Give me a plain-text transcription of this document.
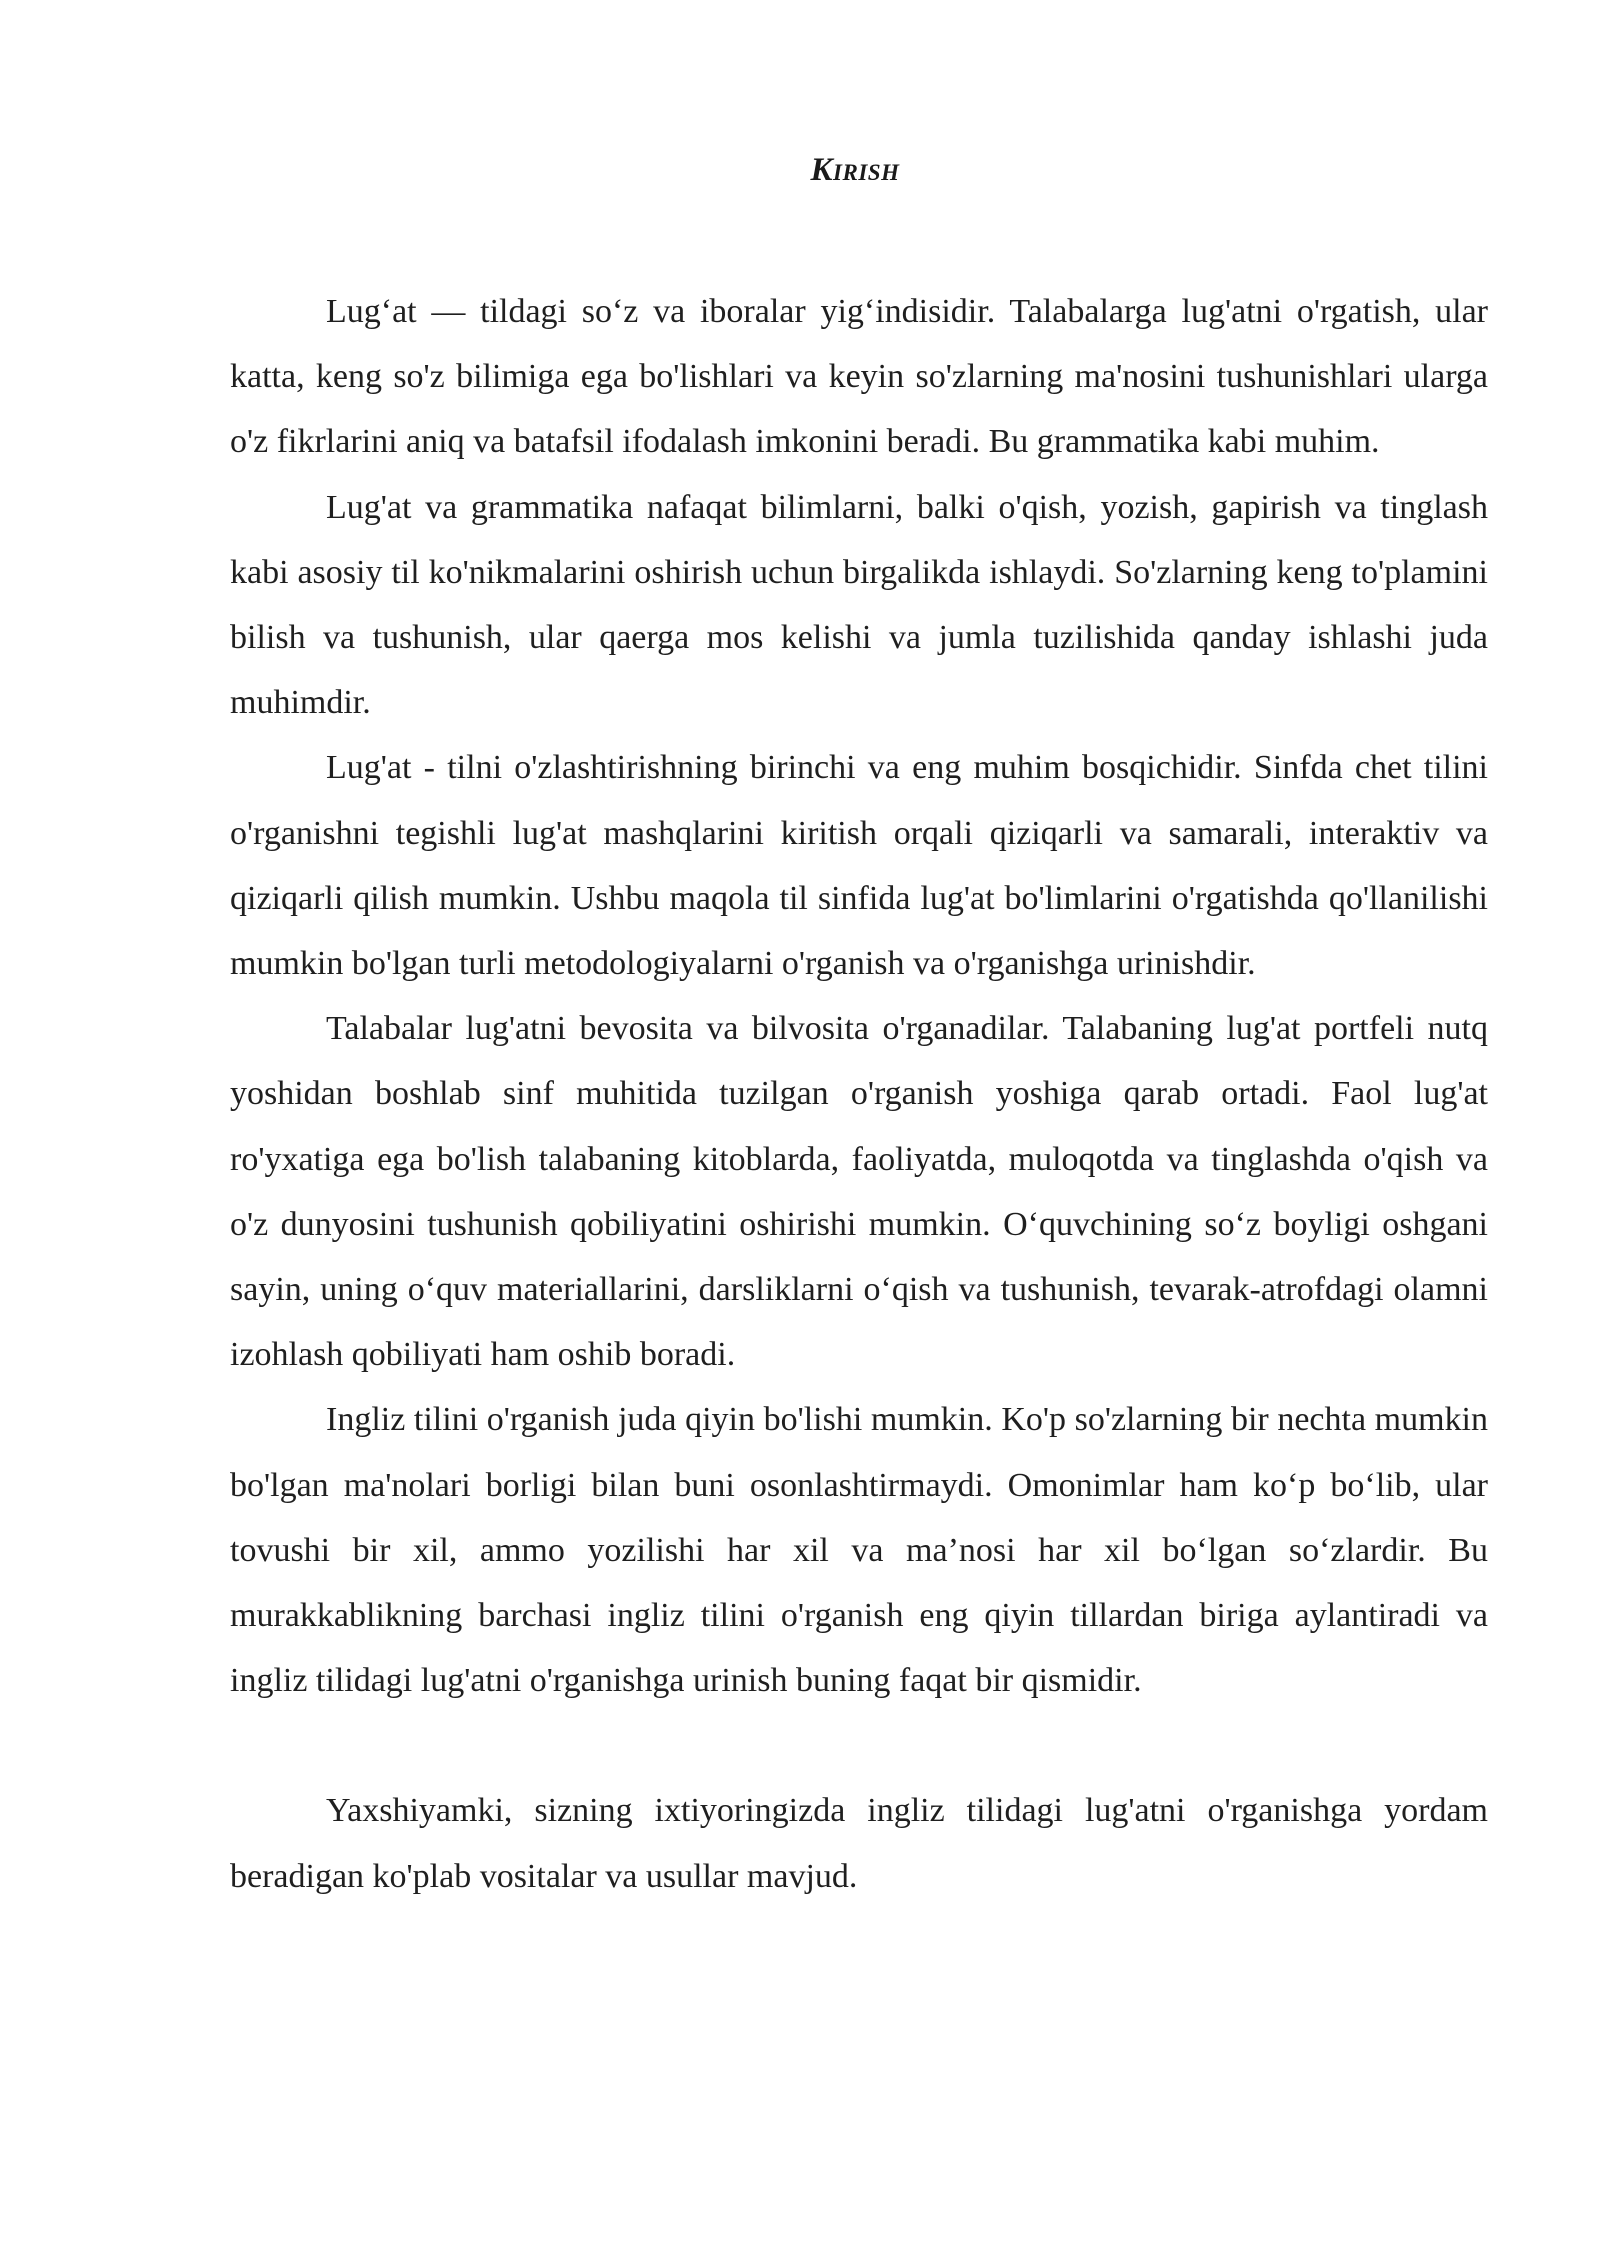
Kirish

Lug‘at — tildagi so‘z va iboralar yig‘indisidir. Talabalarga lug'atni o'rgatish, ular katta, keng so'z bilimiga ega bo'lishlari va keyin so'zlarning ma'nosini tushunishlari ularga o'z fikrlarini aniq va batafsil ifodalash imkonini beradi. Bu grammatika kabi muhim.

Lug'at va grammatika nafaqat bilimlarni, balki o'qish, yozish, gapirish va tinglash kabi asosiy til ko'nikmalarini oshirish uchun birgalikda ishlaydi. So'zlarning keng to'plamini bilish va tushunish, ular qaerga mos kelishi va jumla tuzilishida qanday ishlashi juda muhimdir.

Lug'at - tilni o'zlashtirishning birinchi va eng muhim bosqichidir. Sinfda chet tilini o'rganishni tegishli lug'at mashqlarini kiritish orqali qiziqarli va samarali, interaktiv va qiziqarli qilish mumkin. Ushbu maqola til sinfida lug'at bo'limlarini o'rgatishda qo'llanilishi mumkin bo'lgan turli metodologiyalarni o'rganish va o'rganishga urinishdir.

Talabalar lug'atni bevosita va bilvosita o'rganadilar. Talabaning lug'at portfeli nutq yoshidan boshlab sinf muhitida tuzilgan o'rganish yoshiga qarab ortadi. Faol lug'at ro'yxatiga ega bo'lish talabaning kitoblarda, faoliyatda, muloqotda va tinglashda o'qish va o'z dunyosini tushunish qobiliyatini oshirishi mumkin. O‘quvchining so‘z boyligi oshgani sayin, uning o‘quv materiallarini, darsliklarni o‘qish va tushunish, tevarak-atrofdagi olamni izohlash qobiliyati ham oshib boradi.

Ingliz tilini o'rganish juda qiyin bo'lishi mumkin. Ko'p so'zlarning bir nechta mumkin bo'lgan ma'nolari borligi bilan buni osonlashtirmaydi. Omonimlar ham ko‘p bo‘lib, ular tovushi bir xil, ammo yozilishi har xil va ma’nosi har xil bo‘lgan so‘zlardir. Bu murakkablikning barchasi ingliz tilini o'rganish eng qiyin tillardan biriga aylantiradi va ingliz tilidagi lug'atni o'rganishga urinish buning faqat bir qismidir.

Yaxshiyamki, sizning ixtiyoringizda ingliz tilidagi lug'atni o'rganishga yordam beradigan ko'plab vositalar va usullar mavjud.
